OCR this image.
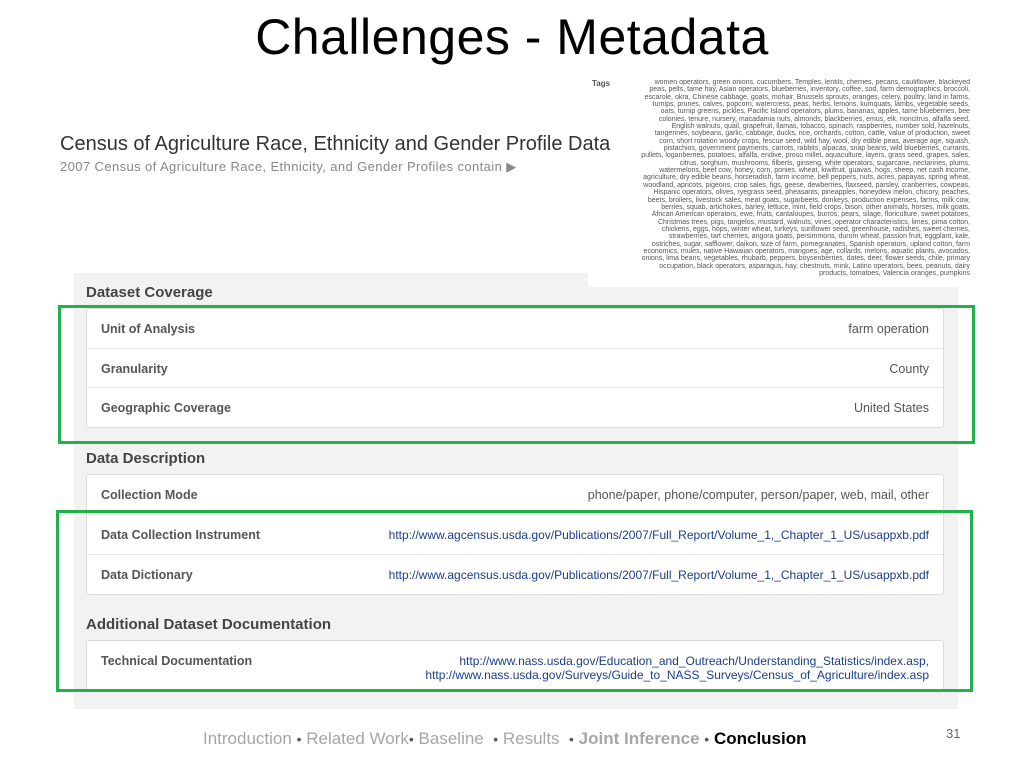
Challenges - Metadata
Census of Agriculture Race, Ethnicity and Gender Profile Data
2007 Census of Agriculture Race, Ethnicity, and Gender Profiles contain ▶
Tags	women operators, green onions, cucumbers, Temples, lentils, cherries, pecans, cauliflower, blackeyed peas, pelts, tame hay, Asian operators, blueberries, inventory, coffee, sod, farm demographics, broccoli, escarole, okra, Chinese cabbage, goats, mohair, Brussels sprouts, oranges, celery, poultry, land in farms, turnips, prunes, calves, popcorn, watercress, peas, herbs, lemons, kumquats, lambs, vegetable seeds, oats, turnip greens, pickles, Pacific Island operators, plums, bananas, apples, tame blueberries, bee colonies, tenure, nursery, macadamia nuts, almonds, blackberries, emus, elk, noncitrus, alfalfa seed, English walnuts, quail, grapefruit, llamas, tobacco, spinach, raspberries, number sold, hazelnuts, tangerines, soybeans, garlic, cabbage, ducks, rice, orchards, cotton, cattle, value of production, sweet corn, short rotation woody crops, fescue seed, wild hay, wool, dry edible peas, average age, squash, pistachios, government payments, carrots, rabbits, alpacas, snap beans, wild blueberries, currants, pullets, loganberries, potatoes, alfalfa, endive, proso millet, aquaculture, layers, grass seed, grapes, sales, citrus, sorghum, mushrooms, filberts, ginseng, white operators, sugarcane, nectarines, plums, watermelons, beef cow, honey, corn, ponies, wheat, kiwifruit, guavas, hogs, sheep, net cash income, agriculture, dry edible beans, horseradish, farm income, bell peppers, nuts, acres, papayas, spring wheat, woodland, apricots, pigeons, crop sales, figs, geese, dewberries, flaxseed, parsley, cranberries, cowpeas, Hispanic operators, olives, ryegrass seed, pheasants, pineapples, honeydew melon, chicory, peaches, beets, broilers, livestock sales, meat goats, sugarbeets, donkeys, production expenses, farms, milk cow, berries, squab, artichokes, barley, lettuce, mint, field crops, bison, other animals, horses, milk goats, African American operators, ewe, fruits, cantaloupes, burros, pears, silage, floriculture, sweet potatoes, Christmas trees, pigs, tangelos, mustard, walnuts, vines, operator characteristics, limes, pima cotton, chickens, eggs, hops, winter wheat, turkeys, sunflower seed, greenhouse, radishes, sweet cherries, strawberries, tart cherries, angora goats, persimmons, durum wheat, passion fruit, eggplant, kale, ostriches, sugar, safflower, daikon, size of farm, pomegranates, Spanish operators, upland cotton, farm economics, mules, native Hawaiian operators, mangoes, age, collards, melons, aquatic plants, avocados, onions, lima beans, vegetables, rhubarb, peppers, boysenberries, dates, deer, flower seeds, chile, primary occupation, black operators, asparagus, hay, chestnuts, mink, Latino operators, bees, peanuts, dairy products, tomatoes, Valencia oranges, pumpkins
Dataset Coverage
Unit of Analysis	farm operation
Granularity	County
Geographic Coverage	United States
Data Description
Collection Mode	phone/paper, phone/computer, person/paper, web, mail, other
Data Collection Instrument	http://www.agcensus.usda.gov/Publications/2007/Full_Report/Volume_1,_Chapter_1_US/usappxb.pdf
Data Dictionary	http://www.agcensus.usda.gov/Publications/2007/Full_Report/Volume_1,_Chapter_1_US/usappxb.pdf
Additional Dataset Documentation
Technical Documentation	http://www.nass.usda.gov/Education_and_Outreach/Understanding_Statistics/index.asp,
http://www.nass.usda.gov/Surveys/Guide_to_NASS_Surveys/Census_of_Agriculture/index.asp
Introduction • Related Work• Baseline • Results • Joint Inference • Conclusion	31
